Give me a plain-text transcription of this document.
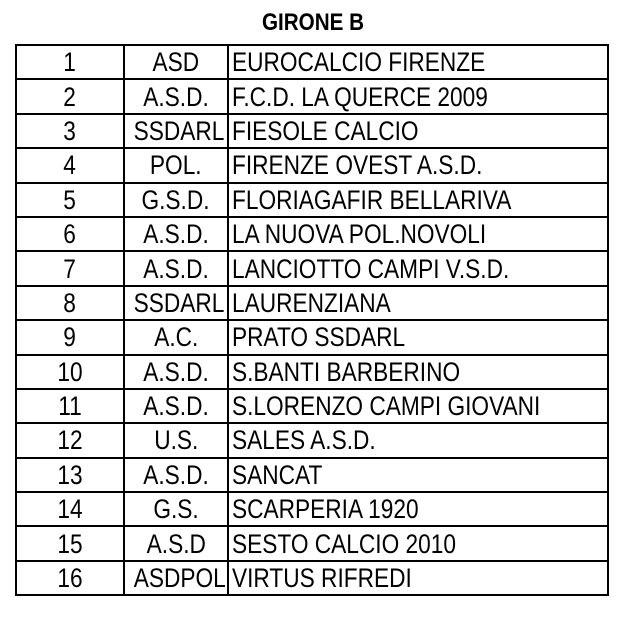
GIRONE B
1	ASD	EUROCALCIO FIRENZE
2	A.S.D.	F.C.D. LA QUERCE 2009
3	SSDARL	FIESOLE CALCIO
4	POL.	FIRENZE OVEST A.S.D.
5	G.S.D.	FLORIAGAFIR BELLARIVA
6	A.S.D.	LA NUOVA POL.NOVOLI
7	A.S.D.	LANCIOTTO CAMPI V.S.D.
8	SSDARL	LAURENZIANA
9	A.C.	PRATO SSDARL
10	A.S.D.	S.BANTI BARBERINO
11	A.S.D.	S.LORENZO CAMPI GIOVANI
12	U.S.	SALES A.S.D.
13	A.S.D.	SANCAT
14	G.S.	SCARPERIA 1920
15	A.S.D	SESTO CALCIO 2010
16	ASDPOL	VIRTUS RIFREDI
